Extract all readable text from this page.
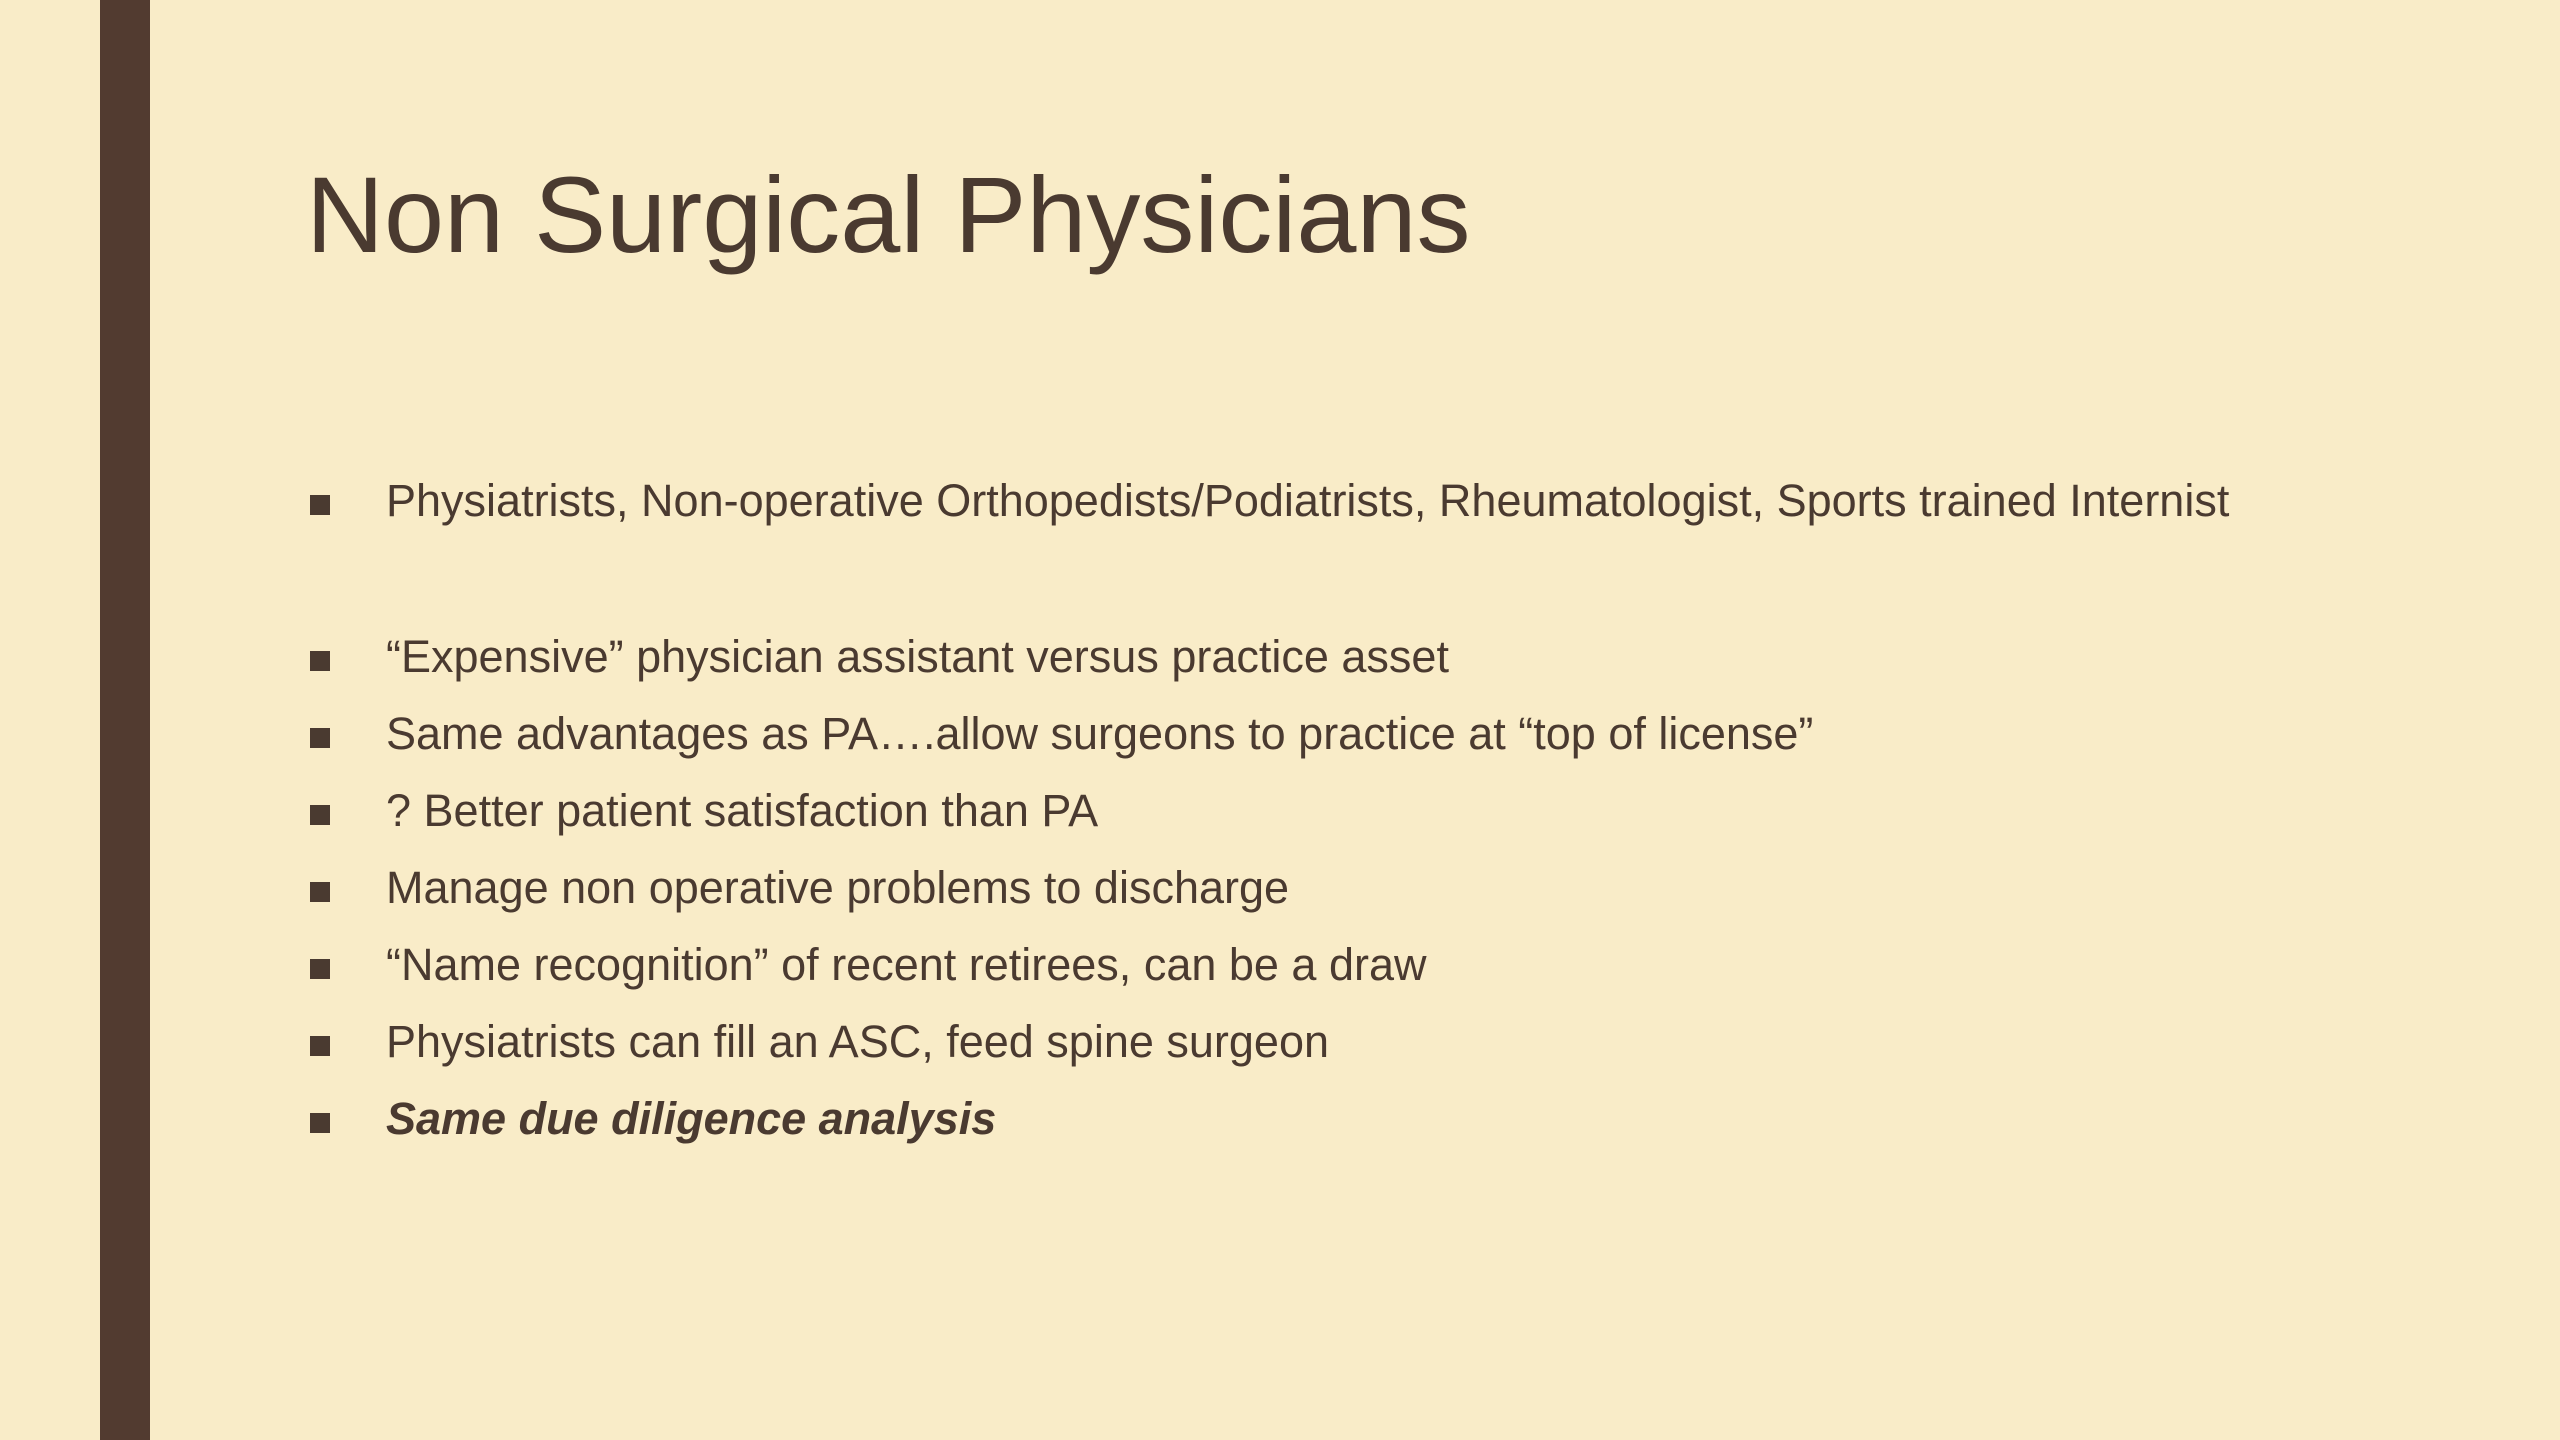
Non Surgical Physicians
Physiatrists, Non-operative Orthopedists/Podiatrists, Rheumatologist, Sports trained Internist
“Expensive” physician assistant versus practice asset
Same advantages as PA….allow surgeons to practice at “top of license”
? Better patient satisfaction than PA
Manage non operative problems to discharge
“Name recognition” of recent retirees, can be a draw
Physiatrists can fill an ASC, feed spine surgeon
Same due diligence analysis
